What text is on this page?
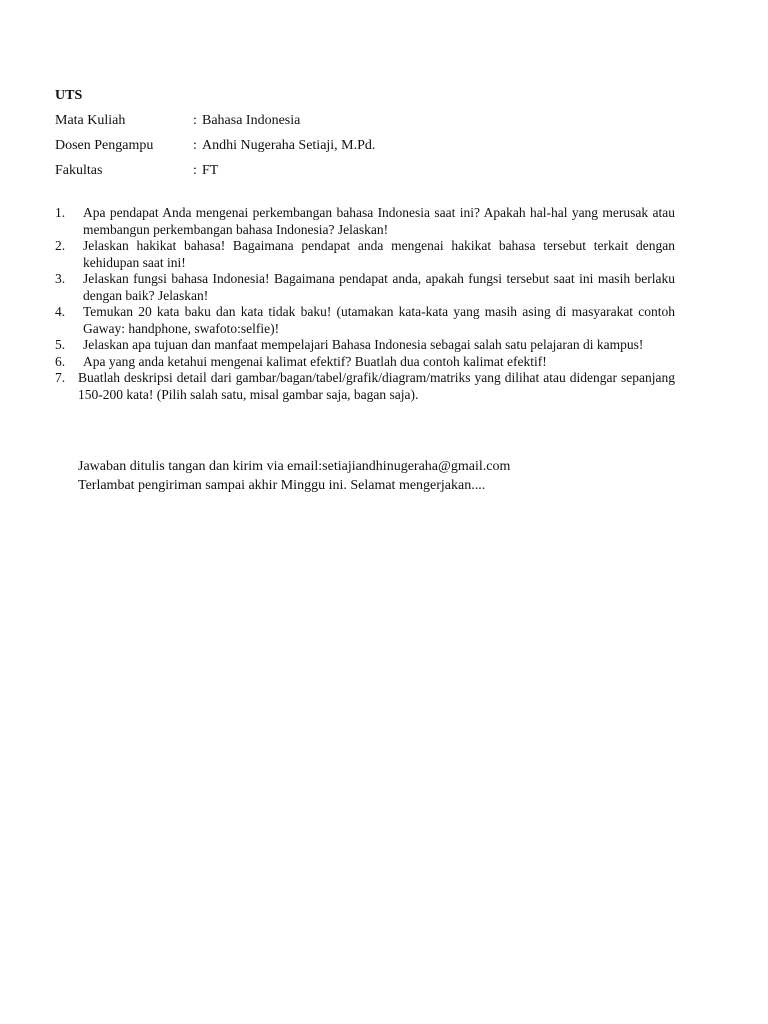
UTS
Mata Kuliah	: Bahasa Indonesia
Dosen Pengampu	: Andhi Nugeraha Setiaji, M.Pd.
Fakultas	: FT
1. Apa pendapat Anda mengenai perkembangan bahasa Indonesia saat ini? Apakah hal-hal yang merusak atau membangun perkembangan bahasa Indonesia? Jelaskan!
2. Jelaskan hakikat bahasa! Bagaimana pendapat anda mengenai hakikat bahasa tersebut terkait dengan kehidupan saat ini!
3. Jelaskan fungsi bahasa Indonesia! Bagaimana pendapat anda, apakah fungsi tersebut saat ini masih berlaku dengan baik? Jelaskan!
4. Temukan 20 kata baku dan kata tidak baku! (utamakan kata-kata yang masih asing di masyarakat contoh Gaway: handphone, swafoto:selfie)!
5. Jelaskan apa tujuan dan manfaat mempelajari Bahasa Indonesia sebagai salah satu pelajaran di kampus!
6. Apa yang anda ketahui mengenai kalimat efektif? Buatlah dua contoh kalimat efektif!
7. Buatlah deskripsi detail dari gambar/bagan/tabel/grafik/diagram/matriks yang dilihat atau didengar sepanjang 150-200 kata! (Pilih salah satu, misal gambar saja, bagan saja).
Jawaban ditulis tangan dan kirim via email:setiajiandhinugeraha@gmail.com
Terlambat pengiriman sampai akhir Minggu ini. Selamat mengerjakan....
